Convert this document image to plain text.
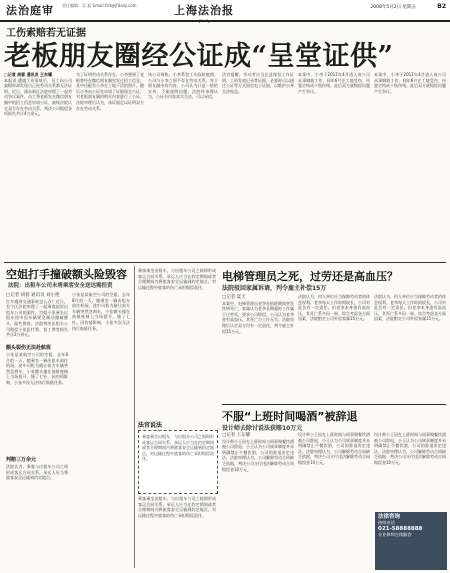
法治庭审 责任编辑：吴 磊 Email:fzlt@jfdaily.com	上海法治报
www.jfdaily.com
2008年5月2日 星期五	B2
工伤索赔若无证据
老板朋友圈经公证成“呈堂证供”
□记者 胡蓉 通讯员 王东耀
本报讯 遭遇工伤事故后，员工向公司索赔时却发现自己连劳动关系都无法证明。近日，浦东新区法院审理了一起劳动争议案件，员工将老板发在微信朋友圈中的招工信息申请公证，最终法院认定双方存在劳动关系，判决公司赔偿各项损失共计4万余元。
为了证明劳动关系存在，小李想到了老板曾经在微信朋友圈里发过招工信息，其中还配有小李在工地干活的照片。随后小李向公证处申请了证据保全公证，对老板朋友圈的相关内容进行了公证。法院审理后认为，该证据足以证明双方存在劳动关系。
该公司辩称，小李系包工头临时雇佣，公司与小李之间不存在劳动关系。对于朋友圈中的内容，公司认为只是一般的宣传，不能说明问题。法院经审理认为，公证书内容真实合法，可以采信。
法官提醒，劳动者应当注意保留工作证明、工资发放记录等证据，必要时可以通过公证等方式固定电子证据，以维护自身合法权益。
本案中，小李于2017年4月进入该公司从事钢筋工作，同年6月在工地受伤，经鉴定构成十级伤残。此后双方就赔偿问题产生争议。
本案中，小李于2017年4月进入该公司从事钢筋工作，同年6月在工地受伤，经鉴定构成十级伤残。此后双方就赔偿问题产生争议。
空姐打手撞破额头险毁容
法院：出租车公司未将乘客安全送达需担责
□记者 胡蓉 通讯员 刘小艳
打车遇到交通事故怎么办？近日，长宁区法院审理了一起乘客起诉出租车公司的案件，空姐小张乘坐出租车途中因车辆紧急制动撞破额头，险些毁容。法院判决出租车公司赔偿小张医疗费、误工费等损失共计2万余元。
小张是某航空公司的空姐，去年8月的一天，她乘坐一辆出租车前往机场，途中司机为避让前方车辆突然急刹车，小张额头撞在前排座椅上当场裂开，缝了七针。因伤情影响，小张多次无法执行航班任务。
额头裂伤无法赴航班
小张是某航空公司的空姐，去年8月的一天，她乘坐一辆出租车前往机场，途中司机为避让前方车辆突然急刹车，小张额头撞在前排座椅上当场裂开，缝了七针。因伤情影响，小张多次无法执行航班任务。
判赔三万余元
法院认为，乘客与出租车公司之间形成客运合同关系，承运人应当将旅客安全运输到约定地点。
乘客乘坐出租车，与出租车公司之间即形成客运合同关系。承运人应当在约定期间或者合理期间内将旅客安全运输到约定地点，对运输过程中旅客的伤亡承担赔偿责任。
法官说法
乘客乘坐出租车，与出租车公司之间即形成客运合同关系。承运人应当在约定期间或者合理期间内将旅客安全运输到约定地点，对运输过程中旅客的伤亡承担赔偿责任。
乘客乘坐出租车，与出租车公司之间即形成客运合同关系。承运人应当在约定期间或者合理期间内将旅客安全运输到约定地点，对运输过程中旅客的伤亡承担赔偿责任。
电梯管理员之死，过劳还是高血压？
法院驳回家属诉请，判令雇主补偿15万
□记者 夏天
本案中，电梯管理员老李在值班期间突发疾病死亡，家属认为老李长期超时工作属于过劳死，要求公司赔偿。公司认为老李患有高血压，其死亡与工作无关。法院审理后认定双方均有一定责任，判令雇主补偿15万元。
法院认为，用人单位应当保障劳动者的休息权利。老李每天工作时间较长，公司对此负有一定责任。但老李本身患有高血压，其死亡系多因一果。综合考虑各方面因素，法院酌定公司补偿家属15万元。
法院认为，用人单位应当保障劳动者的休息权利。老李每天工作时间较长，公司对此负有一定责任。但老李本身患有高血压，其死亡系多因一果。综合考虑各方面因素，法院酌定公司补偿家属15万元。
不服“上班时间喝酒”被辞退
设计师去除讨说法获赔10万元
□记者 王东耀
设计师小王因在上班时间与同事聚餐饮酒被公司辞退，小王认为公司规章制度并未明确禁止午餐饮酒，公司的辞退决定违法。法院审理认为，公司解除劳动合同缺乏依据，判决公司支付违法解除劳动合同赔偿金10万元。
设计师小王因在上班时间与同事聚餐饮酒被公司辞退，小王认为公司规章制度并未明确禁止午餐饮酒，公司的辞退决定违法。法院审理认为，公司解除劳动合同缺乏依据，判决公司支付违法解除劳动合同赔偿金10万元。
设计师小王因在上班时间与同事聚餐饮酒被公司辞退，小王认为公司规章制度并未明确禁止午餐饮酒，公司的辞退决定违法。法院审理认为，公司解除劳动合同缺乏依据，判决公司支付违法解除劳动合同赔偿金10万元。
法律咨询
热线电话

021-58888888
专业律师在线解答
